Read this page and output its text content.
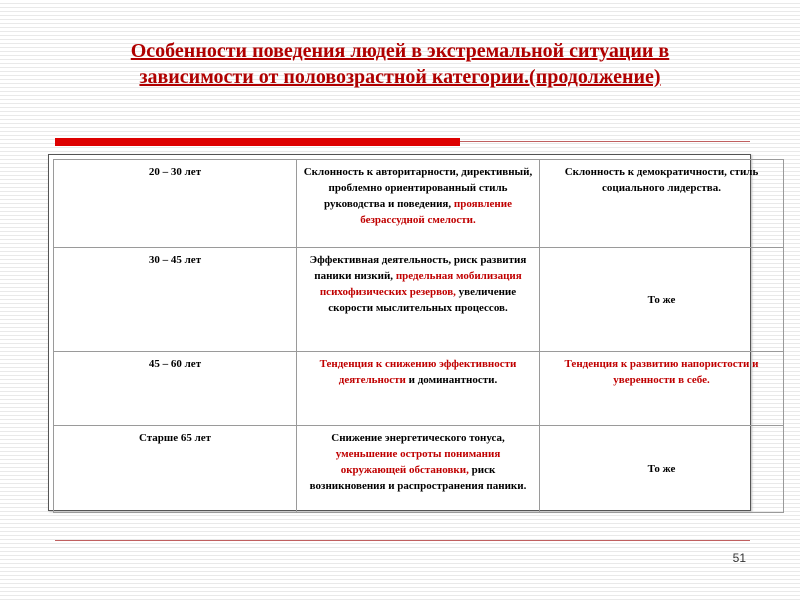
Особенности поведения людей в экстремальной ситуации в
зависимости от половозрастной категории.(продолжение)
20 – 30 лет	Склонность к авторитарности, директивный, проблемно ориентированный стиль руководства и поведения, проявление безрассудной смелости.	Склонность к демократичности, стиль социального лидерства.
30 – 45 лет	Эффективная деятельность, риск развития паники низкий, предельная мобилизация психофизических резервов, увеличение скорости мыслительных процессов.	То же
45 – 60 лет	Тенденция к снижению эффективности деятельности и доминантности.	Тенденция к развитию напористости и уверенности в себе.
Старше 65 лет	Снижение энергетического тонуса, уменьшение остроты понимания окружающей обстановки, риск возникновения и распространения паники.	То же
51
